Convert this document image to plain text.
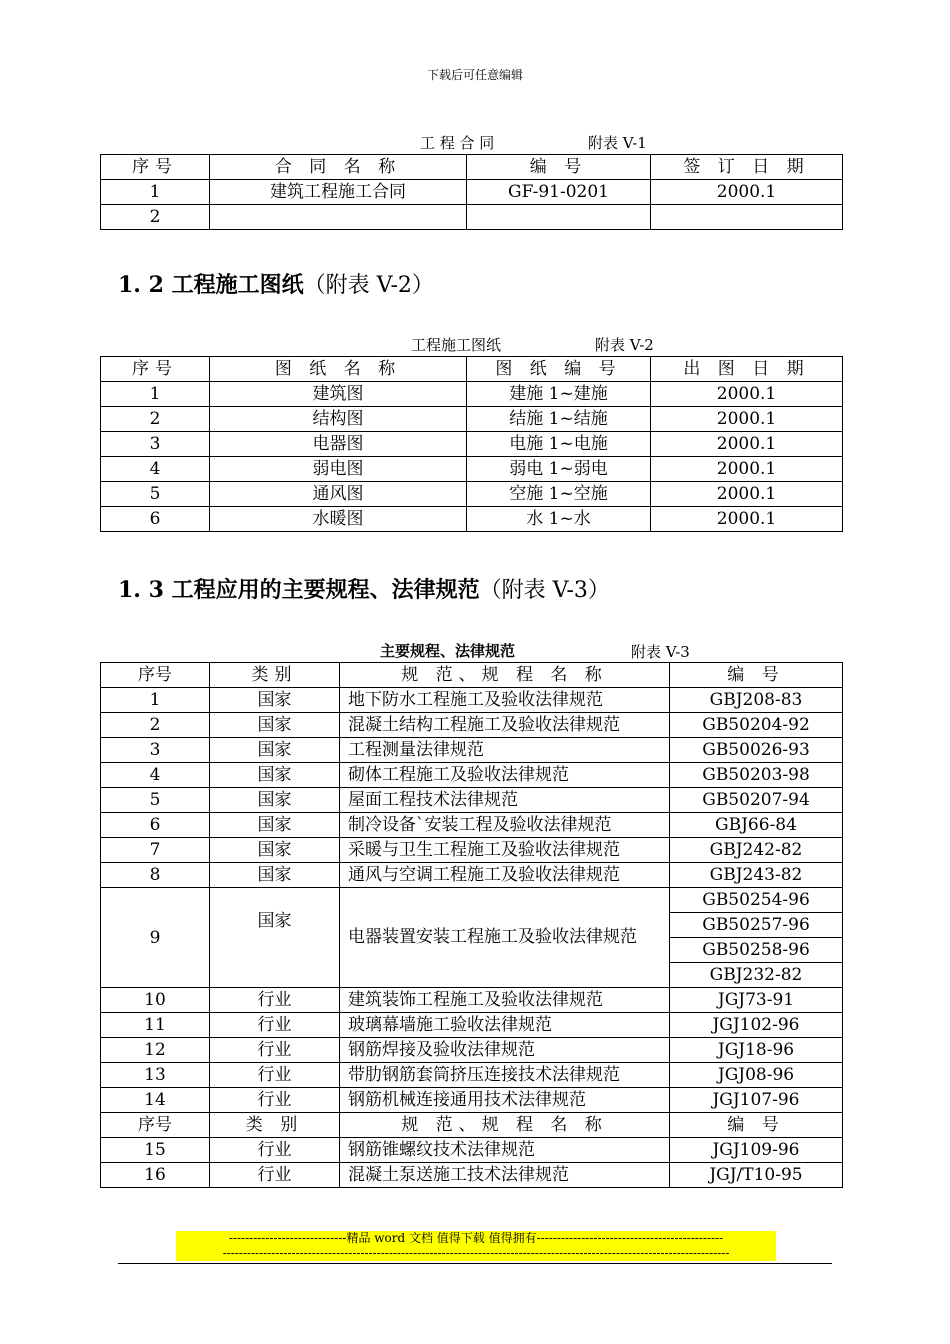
下载后可任意编辑
工 程 合 同	附表 V-1
序号	合 同 名 称	编 号	签 订 日 期
1	建筑工程施工合同	GF-91-0201	2000.1
2			
1. 2 工程施工图纸（附表 V-2）
工程施工图纸	附表 V-2
序号	图 纸 名 称	图 纸 编 号	出 图 日 期
1	建筑图	建施 1~建施	2000.1
2	结构图	结施 1~结施	2000.1
3	电器图	电施 1~电施	2000.1
4	弱电图	弱电 1~弱电	2000.1
5	通风图	空施 1~空施	2000.1
6	水暖图	水 1~水	2000.1
1. 3 工程应用的主要规程、法律规范（附表 V-3）
主要规程、法律规范	附表 V-3
序号	类别	规 范、规 程 名 称	编 号
1	国家	地下防水工程施工及验收法律规范	GBJ208-83
2	国家	混凝土结构工程施工及验收法律规范	GB50204-92
3	国家	工程测量法律规范	GB50026-93
4	国家	砌体工程施工及验收法律规范	GB50203-98
5	国家	屋面工程技术法律规范	GB50207-94
6	国家	制冷设备`安装工程及验收法律规范	GBJ66-84
7	国家	采暖与卫生工程施工及验收法律规范	GBJ242-82
8	国家	通风与空调工程施工及验收法律规范	GBJ243-82
9	国家	电器装置安装工程施工及验收法律规范	GB50254-96
			GB50257-96
			GB50258-96
			GBJ232-82
10	行业	建筑装饰工程施工及验收法律规范	JGJ73-91
11	行业	玻璃幕墙施工验收法律规范	JGJ102-96
12	行业	钢筋焊接及验收法律规范	JGJ18-96
13	行业	带肋钢筋套筒挤压连接技术法律规范	JGJ08-96
14	行业	钢筋机械连接通用技术法律规范	JGJ107-96
序号	类 别	规 范、规 程 名 称	编 号
15	行业	钢筋锥螺纹技术法律规范	JGJ109-96
16	行业	混凝土泵送施工技术法律规范	JGJ/T10-95
-----------------------------精品 word 文档 值得下载 值得拥有----------------------------------------------
-----------------------------------------------------------------------------------------------------------------------------
